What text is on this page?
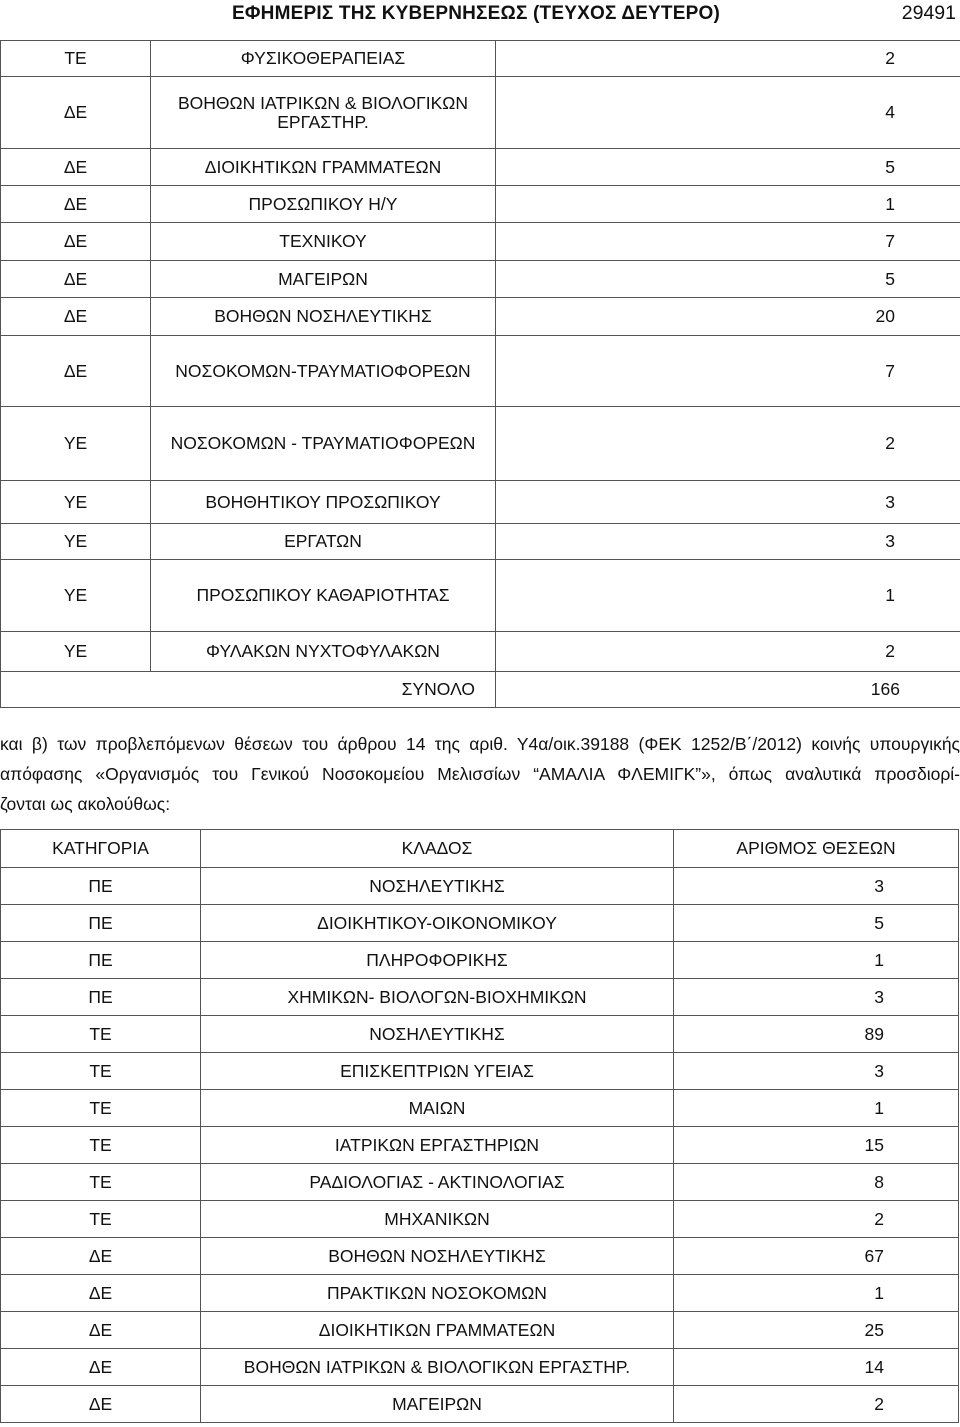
ΕΦΗΜΕΡΙΣ ΤΗΣ ΚΥΒΕΡΝΗΣΕΩΣ (ΤΕΥΧΟΣ ΔΕΥΤΕΡΟ)	29491
ΤΕ	ΦΥΣΙΚΟΘΕΡΑΠΕΙΑΣ	2
ΔΕ	ΒΟΗΘΩΝ ΙΑΤΡΙΚΩΝ & ΒΙΟΛΟΓΙΚΩΝ ΕΡΓΑΣΤΗΡ.	4
ΔΕ	ΔΙΟΙΚΗΤΙΚΩΝ ΓΡΑΜΜΑΤΕΩΝ	5
ΔΕ	ΠΡΟΣΩΠΙΚΟΥ Η/Υ	1
ΔΕ	ΤΕΧΝΙΚΟΥ	7
ΔΕ	ΜΑΓΕΙΡΩΝ	5
ΔΕ	ΒΟΗΘΩΝ ΝΟΣΗΛΕΥΤΙΚΗΣ	20
ΔΕ	ΝΟΣΟΚΟΜΩΝ-ΤΡΑΥΜΑΤΙΟΦΟΡΕΩΝ	7
ΥΕ	ΝΟΣΟΚΟΜΩΝ - ΤΡΑΥΜΑΤΙΟΦΟΡΕΩΝ	2
ΥΕ	ΒΟΗΘΗΤΙΚΟΥ ΠΡΟΣΩΠΙΚΟΥ	3
ΥΕ	ΕΡΓΑΤΩΝ	3
ΥΕ	ΠΡΟΣΩΠΙΚΟΥ ΚΑΘΑΡΙΟΤΗΤΑΣ	1
ΥΕ	ΦΥΛΑΚΩΝ ΝΥΧΤΟΦΥΛΑΚΩΝ	2
	ΣΥΝΟΛΟ	166
και β) των προβλεπόμενων θέσεων του άρθρου 14 της αριθ. Υ4α/οικ.39188 (ΦΕΚ 1252/Β΄/2012) κοινής υπουργικής
απόφασης «Οργανισμός του Γενικού Νοσοκομείου Μελισσίων “ΑΜΑΛΙΑ ΦΛΕΜΙΓΚ”», όπως αναλυτικά προσδιορί-
ζονται ως ακολούθως:
ΚΑΤΗΓΟΡΙΑ	ΚΛΑΔΟΣ	ΑΡΙΘΜΟΣ ΘΕΣΕΩΝ
ΠΕ	ΝΟΣΗΛΕΥΤΙΚΗΣ	3
ΠΕ	ΔΙΟΙΚΗΤΙΚΟΥ-ΟΙΚΟΝΟΜΙΚΟΥ	5
ΠΕ	ΠΛΗΡΟΦΟΡΙΚΗΣ	1
ΠΕ	ΧΗΜΙΚΩΝ- ΒΙΟΛΟΓΩΝ-ΒΙΟΧΗΜΙΚΩΝ	3
ΤΕ	ΝΟΣΗΛΕΥΤΙΚΗΣ	89
ΤΕ	ΕΠΙΣΚΕΠΤΡΙΩΝ ΥΓΕΙΑΣ	3
ΤΕ	ΜΑΙΩΝ	1
ΤΕ	ΙΑΤΡΙΚΩΝ ΕΡΓΑΣΤΗΡΙΩΝ	15
ΤΕ	ΡΑΔΙΟΛΟΓΙΑΣ - ΑΚΤΙΝΟΛΟΓΙΑΣ	8
ΤΕ	ΜΗΧΑΝΙΚΩΝ	2
ΔΕ	ΒΟΗΘΩΝ ΝΟΣΗΛΕΥΤΙΚΗΣ	67
ΔΕ	ΠΡΑΚΤΙΚΩΝ ΝΟΣΟΚΟΜΩΝ	1
ΔΕ	ΔΙΟΙΚΗΤΙΚΩΝ ΓΡΑΜΜΑΤΕΩΝ	25
ΔΕ	ΒΟΗΘΩΝ ΙΑΤΡΙΚΩΝ & ΒΙΟΛΟΓΙΚΩΝ ΕΡΓΑΣΤΗΡ.	14
ΔΕ	ΜΑΓΕΙΡΩΝ	2
